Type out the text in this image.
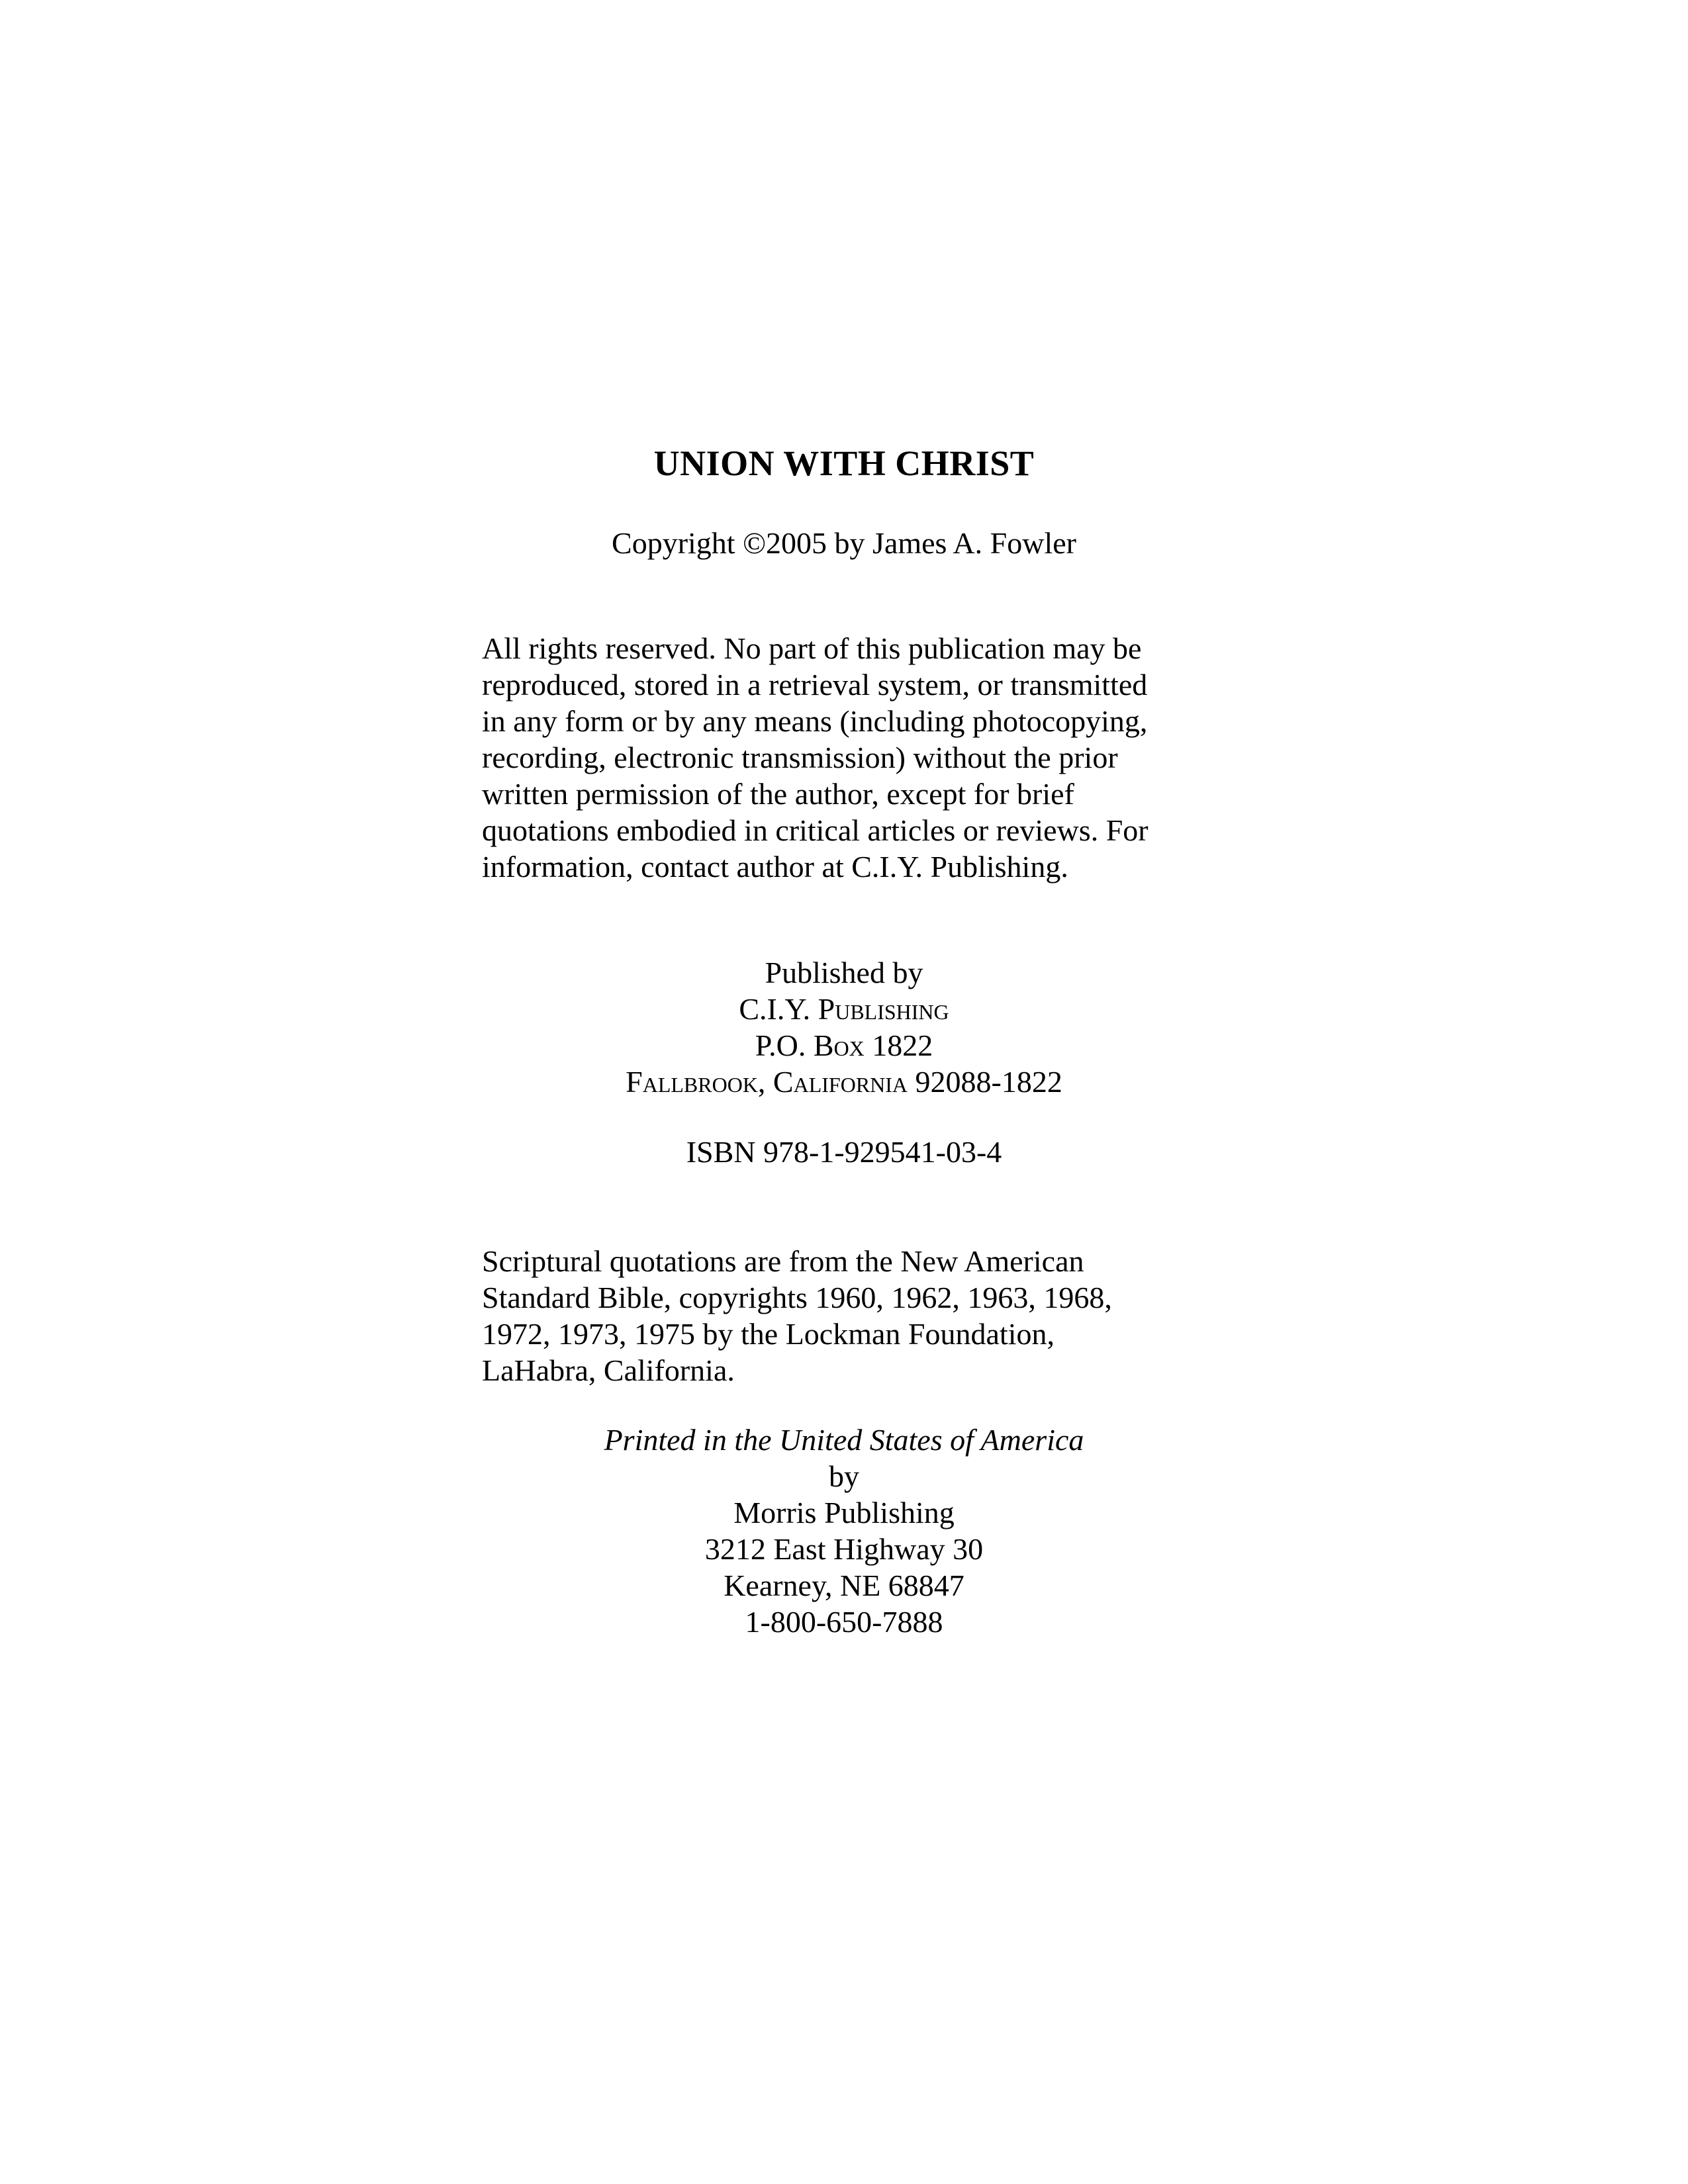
UNION WITH CHRIST
Copyright ©2005 by James A. Fowler
All rights reserved. No part of this publication may be
reproduced, stored in a retrieval system, or transmitted
in any form or by any means (including photocopying,
recording, electronic transmission) without the prior
written permission of the author, except for brief
quotations embodied in critical articles or reviews. For
information, contact author at C.I.Y. Publishing.
Published by
C.I.Y. Publishing
P.O. Box 1822
Fallbrook, California 92088-1822
ISBN 978-1-929541-03-4
Scriptural quotations are from the New American
Standard Bible, copyrights 1960, 1962, 1963, 1968,
1972, 1973, 1975 by the Lockman Foundation,
LaHabra, California.
Printed in the United States of America
by
Morris Publishing
3212 East Highway 30
Kearney, NE 68847
1-800-650-7888
